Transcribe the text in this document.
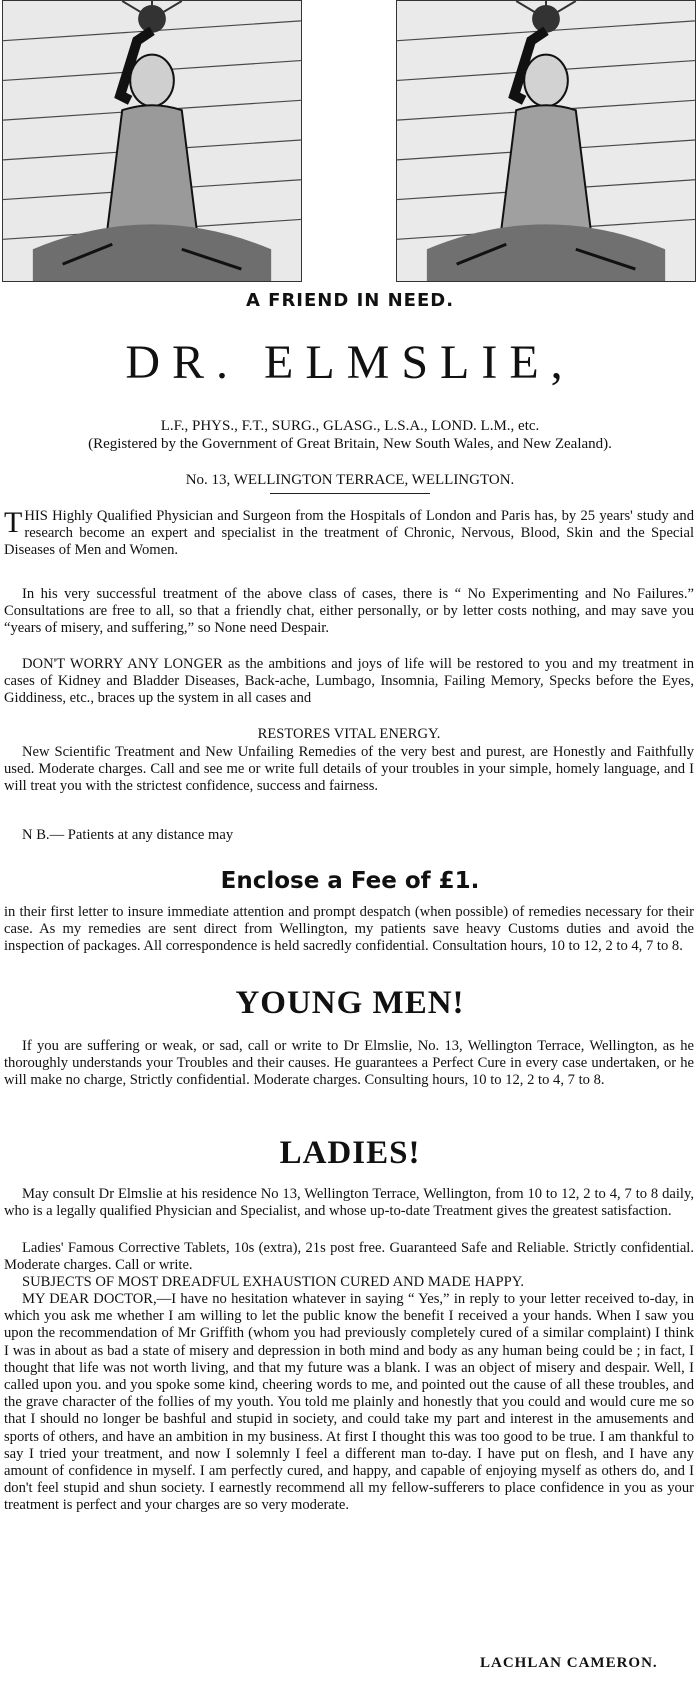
A FRIEND IN NEED.
DR. ELMSLIE,
L.F., PHYS., F.T., SURG., GLASG., L.S.A., LOND. L.M., etc.
(Registered by the Government of Great Britain, New South Wales, and New Zealand).
No. 13, WELLINGTON TERRACE, WELLINGTON.
THIS Highly Qualified Physician and Surgeon from the Hospitals of London and Paris has, by 25 years' study and research become an expert and specialist in the treatment of Chronic, Nervous, Blood, Skin and the Special Diseases of Men and Women.
In his very successful treatment of the above class of cases, there is “ No Experimenting and No Failures.” Consultations are free to all, so that a friendly chat, either personally, or by letter costs nothing, and may save you “years of misery, and suffering,” so None need Despair.
DON'T WORRY ANY LONGER as the ambitions and joys of life will be restored to you and my treatment in cases of Kidney and Bladder Diseases, Back-ache, Lumbago, Insomnia, Failing Memory, Specks before the Eyes, Giddiness, etc., braces up the system in all cases and
RESTORES VITAL ENERGY.
New Scientific Treatment and New Unfailing Remedies of the very best and purest, are Honestly and Faithfully used. Moderate charges. Call and see me or write full details of your troubles in your simple, homely language, and I will treat you with the strictest confidence, success and fairness.
N B.— Patients at any distance may
Enclose a Fee of £1.
in their first letter to insure immediate attention and prompt despatch (when possible) of remedies necessary for their case. As my remedies are sent direct from Wellington, my patients save heavy Customs duties and avoid the inspection of packages. All correspondence is held sacredly confidential. Consultation hours, 10 to 12, 2 to 4, 7 to 8.
YOUNG MEN!
If you are suffering or weak, or sad, call or write to Dr Elmslie, No. 13, Wellington Terrace, Wellington, as he thoroughly understands your Troubles and their causes. He guarantees a Perfect Cure in every case undertaken, or he will make no charge, Strictly confidential. Moderate charges. Consulting hours, 10 to 12, 2 to 4, 7 to 8.
LADIES!
May consult Dr Elmslie at his residence No 13, Wellington Terrace, Wellington, from 10 to 12, 2 to 4, 7 to 8 daily, who is a legally qualified Physician and Specialist, and whose up-to-date Treatment gives the greatest satisfaction.
Ladies' Famous Corrective Tablets, 10s (extra), 21s post free. Guaranteed Safe and Reliable. Strictly confidential. Moderate charges. Call or write.
SUBJECTS OF MOST DREADFUL EXHAUSTION CURED AND MADE HAPPY.
MY DEAR DOCTOR,—I have no hesitation whatever in saying “ Yes,” in reply to your letter received to-day, in which you ask me whether I am willing to let the public know the benefit I received a your hands. When I saw you upon the recommendation of Mr Griffith (whom you had previously completely cured of a similar complaint) I think I was in about as bad a state of misery and depression in both mind and body as any human being could be ; in fact, I thought that life was not worth living, and that my future was a blank. I was an object of misery and despair. Well, I called upon you. and you spoke some kind, cheering words to me, and pointed out the cause of all these troubles, and the grave character of the follies of my youth. You told me plainly and honestly that you could and would cure me so that I should no longer be bashful and stupid in society, and could take my part and interest in the amusements and sports of others, and have an ambition in my business. At first I thought this was too good to be true. I am thankful to say I tried your treatment, and now I solemnly I feel a different man to-day. I have put on flesh, and I have any amount of confidence in myself. I am perfectly cured, and happy, and capable of enjoying myself as others do, and I don't feel stupid and shun society. I earnestly recommend all my fellow-sufferers to place confidence in you as your treatment is perfect and your charges are so very moderate.
LACHLAN CAMERON.
